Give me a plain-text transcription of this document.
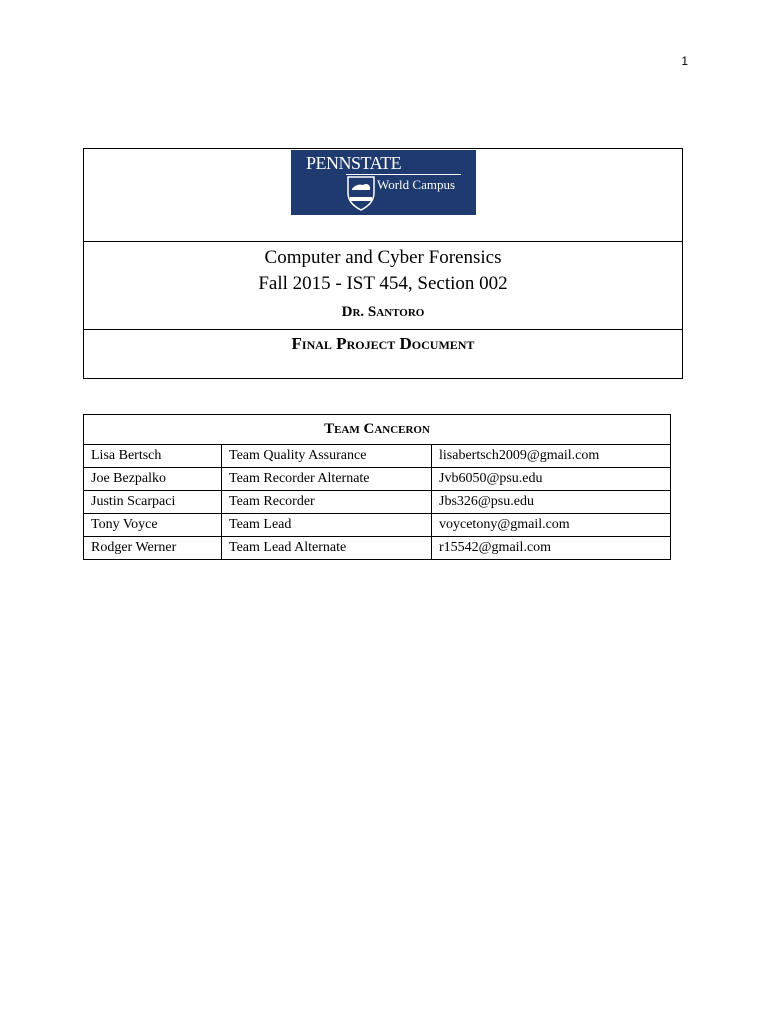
1
PENNSTATE
World Campus
Computer and Cyber Forensics
Fall 2015 - IST 454, Section 002
Dr. Santoro
Final Project Document
Team Canceron		
Lisa Bertsch	Team Quality Assurance	lisabertsch2009@gmail.com
Joe Bezpalko	Team Recorder Alternate	Jvb6050@psu.edu
Justin Scarpaci	Team Recorder	Jbs326@psu.edu
Tony Voyce	Team Lead	voycetony@gmail.com
Rodger Werner	Team Lead Alternate	r15542@gmail.com
